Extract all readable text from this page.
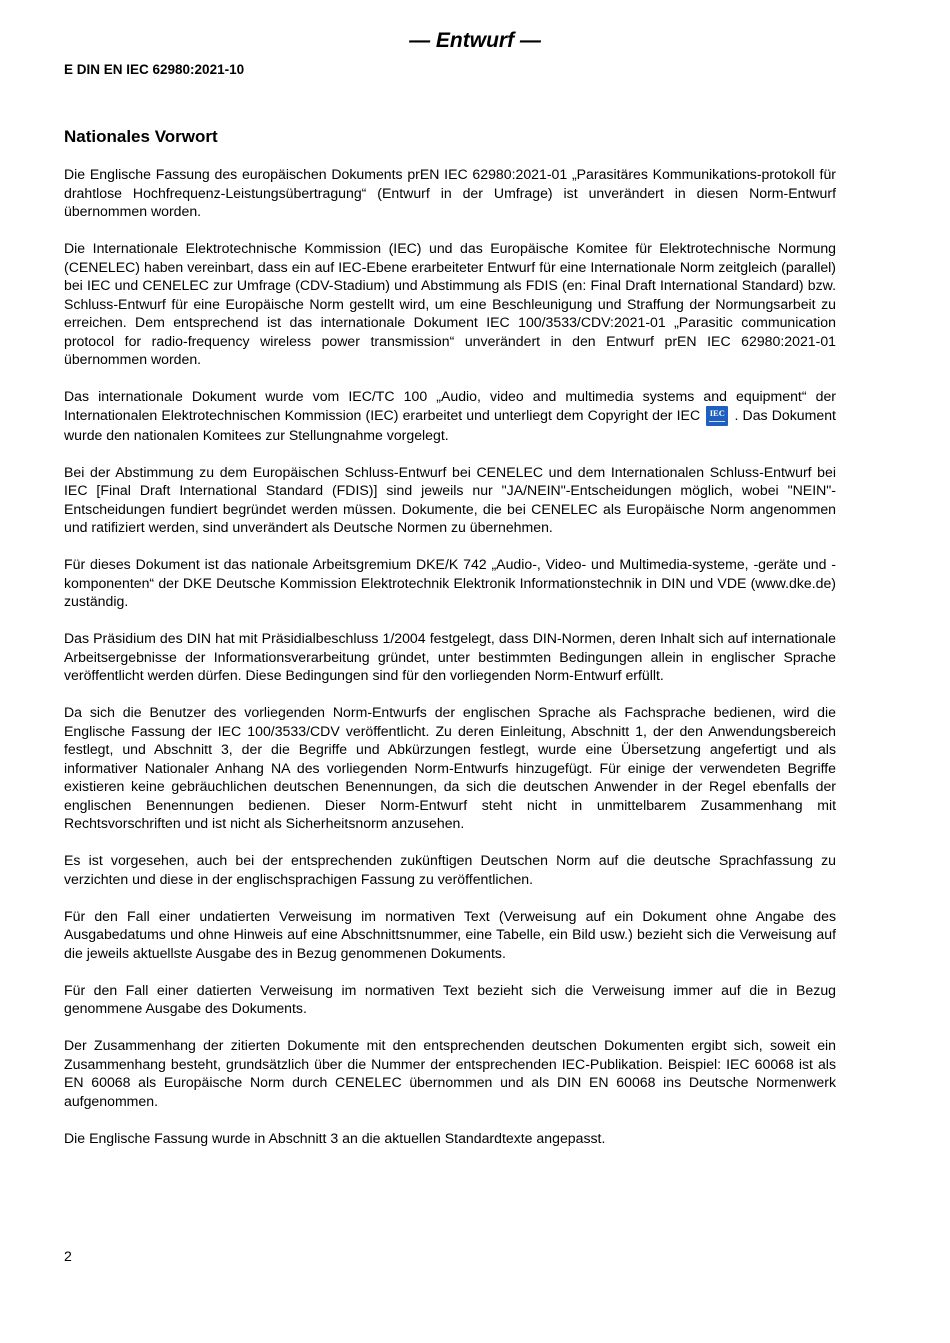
— Entwurf —
E DIN EN IEC 62980:2021-10
Nationales Vorwort

Die Englische Fassung des europäischen Dokuments prEN IEC 62980:2021-01 „Parasitäres Kommunikations-protokoll für drahtlose Hochfrequenz-Leistungsübertragung“ (Entwurf in der Umfrage) ist unverändert in diesen Norm-Entwurf übernommen worden.

Die Internationale Elektrotechnische Kommission (IEC) und das Europäische Komitee für Elektrotechnische Normung (CENELEC) haben vereinbart, dass ein auf IEC-Ebene erarbeiteter Entwurf für eine Internationale Norm zeitgleich (parallel) bei IEC und CENELEC zur Umfrage (CDV-Stadium) und Abstimmung als FDIS (en: Final Draft International Standard) bzw. Schluss-Entwurf für eine Europäische Norm gestellt wird, um eine Beschleunigung und Straffung der Normungsarbeit zu erreichen. Dem entsprechend ist das internationale Dokument IEC 100/3533/CDV:2021-01 „Parasitic communication protocol for radio-frequency wireless power transmission“ unverändert in den Entwurf prEN IEC 62980:2021-01 übernommen worden.

Das internationale Dokument wurde vom IEC/TC 100 „Audio, video and multimedia systems and equipment“ der Internationalen Elektrotechnischen Kommission (IEC) erarbeitet und unterliegt dem Copyright der IEC IEC . Das Dokument wurde den nationalen Komitees zur Stellungnahme vorgelegt.

Bei der Abstimmung zu dem Europäischen Schluss-Entwurf bei CENELEC und dem Internationalen Schluss-Entwurf bei IEC [Final Draft International Standard (FDIS)] sind jeweils nur "JA/NEIN"-Entscheidungen möglich, wobei "NEIN"-Entscheidungen fundiert begründet werden müssen. Dokumente, die bei CENELEC als Europäische Norm angenommen und ratifiziert werden, sind unverändert als Deutsche Normen zu übernehmen.

Für dieses Dokument ist das nationale Arbeitsgremium DKE/K 742 „Audio-, Video- und Multimedia-systeme, -geräte und -komponenten“ der DKE Deutsche Kommission Elektrotechnik Elektronik Informationstechnik in DIN und VDE (www.dke.de) zuständig.

Das Präsidium des DIN hat mit Präsidialbeschluss 1/2004 festgelegt, dass DIN-Normen, deren Inhalt sich auf internationale Arbeitsergebnisse der Informationsverarbeitung gründet, unter bestimmten Bedingungen allein in englischer Sprache veröffentlicht werden dürfen. Diese Bedingungen sind für den vorliegenden Norm-Entwurf erfüllt.

Da sich die Benutzer des vorliegenden Norm-Entwurfs der englischen Sprache als Fachsprache bedienen, wird die Englische Fassung der IEC 100/3533/CDV veröffentlicht. Zu deren Einleitung, Abschnitt 1, der den Anwendungsbereich festlegt, und Abschnitt 3, der die Begriffe und Abkürzungen festlegt, wurde eine Übersetzung angefertigt und als informativer Nationaler Anhang NA des vorliegenden Norm-Entwurfs hinzugefügt. Für einige der verwendeten Begriffe existieren keine gebräuchlichen deutschen Benennungen, da sich die deutschen Anwender in der Regel ebenfalls der englischen Benennungen bedienen. Dieser Norm-Entwurf steht nicht in unmittelbarem Zusammenhang mit Rechtsvorschriften und ist nicht als Sicherheitsnorm anzusehen.

Es ist vorgesehen, auch bei der entsprechenden zukünftigen Deutschen Norm auf die deutsche Sprachfassung zu verzichten und diese in der englischsprachigen Fassung zu veröffentlichen.

Für den Fall einer undatierten Verweisung im normativen Text (Verweisung auf ein Dokument ohne Angabe des Ausgabedatums und ohne Hinweis auf eine Abschnittsnummer, eine Tabelle, ein Bild usw.) bezieht sich die Verweisung auf die jeweils aktuellste Ausgabe des in Bezug genommenen Dokuments.

Für den Fall einer datierten Verweisung im normativen Text bezieht sich die Verweisung immer auf die in Bezug genommene Ausgabe des Dokuments.

Der Zusammenhang der zitierten Dokumente mit den entsprechenden deutschen Dokumenten ergibt sich, soweit ein Zusammenhang besteht, grundsätzlich über die Nummer der entsprechenden IEC-Publikation. Beispiel: IEC 60068 ist als EN 60068 als Europäische Norm durch CENELEC übernommen und als DIN EN 60068 ins Deutsche Normenwerk aufgenommen.

Die Englische Fassung wurde in Abschnitt 3 an die aktuellen Standardtexte angepasst.

2
